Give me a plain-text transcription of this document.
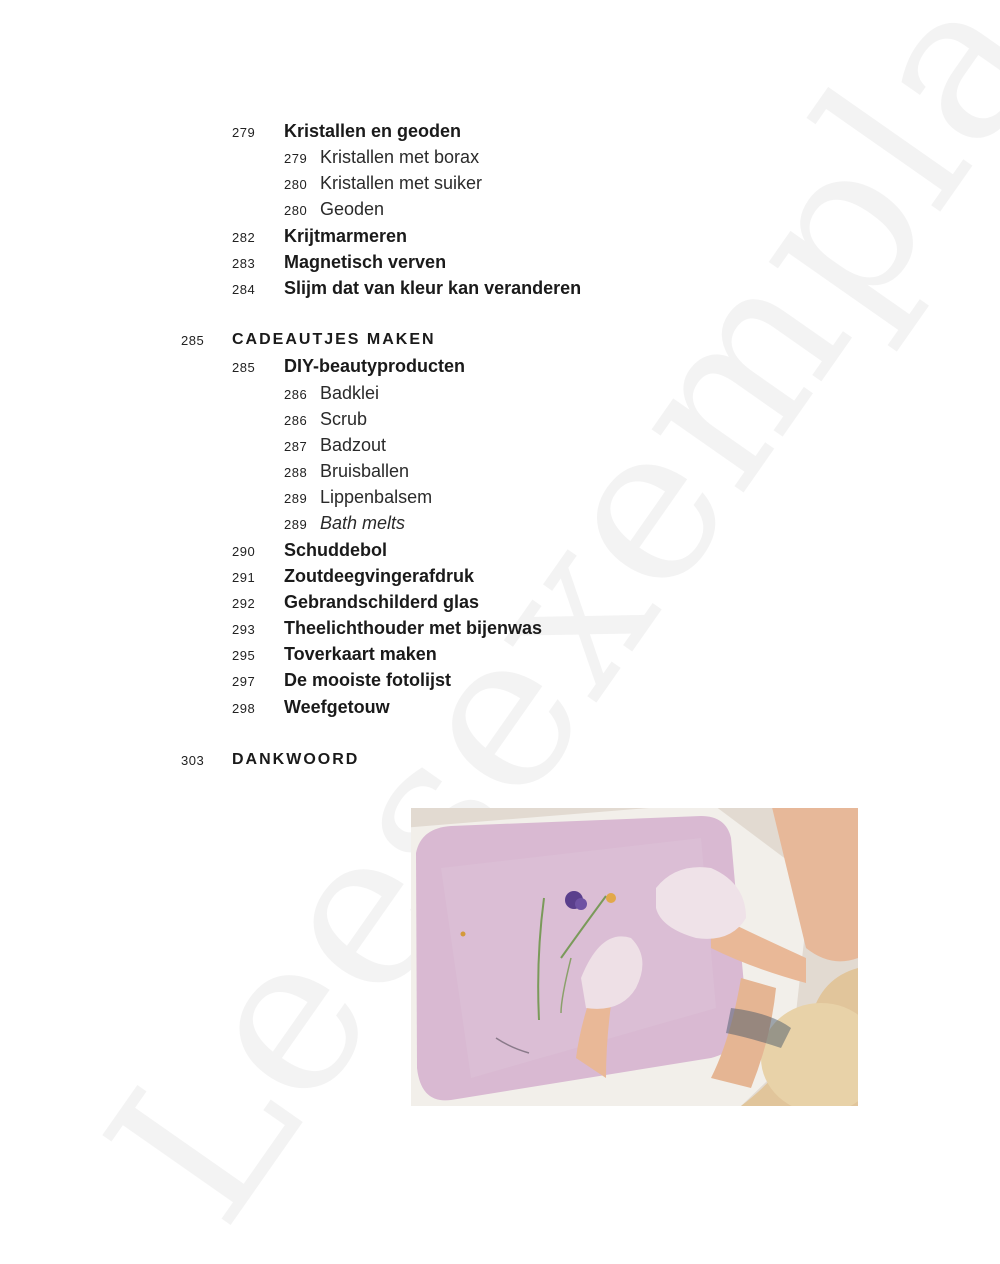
279 Kristallen en geoden
279 Kristallen met borax
280 Kristallen met suiker
280 Geoden
282 Krijtmarmeren
283 Magnetisch verven
284 Slijm dat van kleur kan veranderen
285 CADEAUTJES MAKEN
285 DIY-beautyproducten
286 Badklei
286 Scrub
287 Badzout
288 Bruisballen
289 Lippenbalsem
289 Bath melts
290 Schuddebol
291 Zoutdeegvingerafdruk
292 Gebrandschilderd glas
293 Theelichthouder met bijenwas
295 Toverkaart maken
297 De mooiste fotolijst
298 Weefgetouw
303 DANKWOORD
